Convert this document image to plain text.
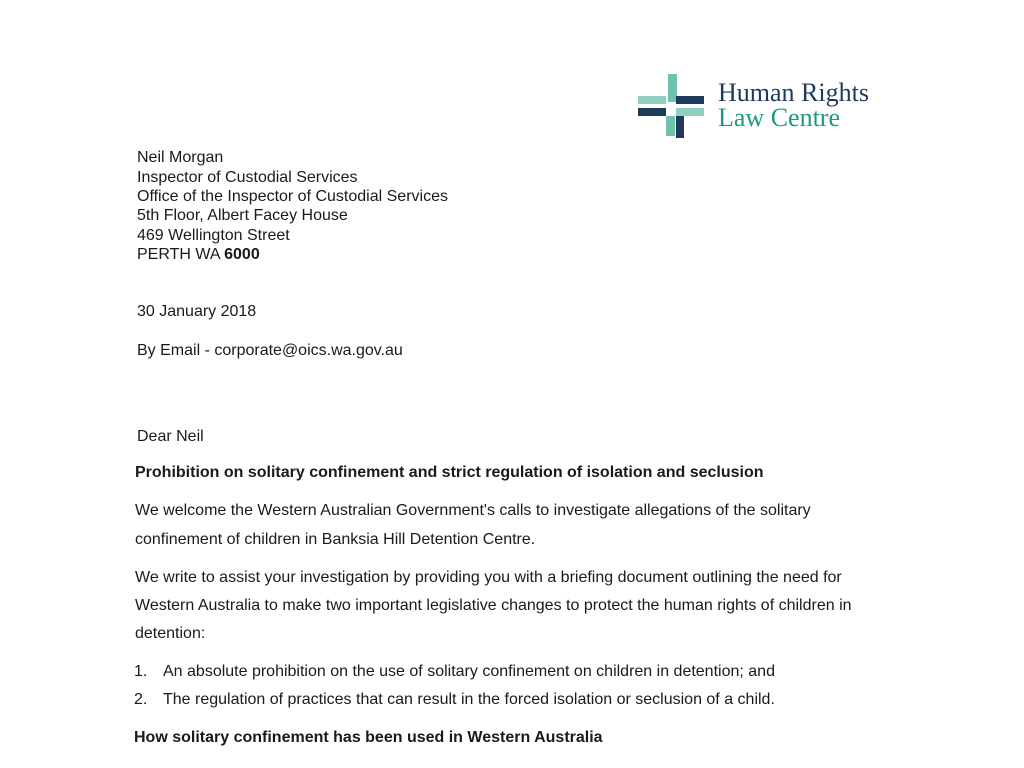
Human Rights
Law Centre
Neil Morgan
Inspector of Custodial Services
Office of the Inspector of Custodial Services
5th Floor, Albert Facey House
469 Wellington Street
PERTH WA 6000
30 January 2018
By Email - corporate@oics.wa.gov.au
Dear Neil
Prohibition on solitary confinement and strict regulation of isolation and seclusion
We welcome the Western Australian Government's calls to investigate allegations of the solitary
confinement of children in Banksia Hill Detention Centre.
We write to assist your investigation by providing you with a briefing document outlining the need for
Western Australia to make two important legislative changes to protect the human rights of children in
detention:
1. An absolute prohibition on the use of solitary confinement on children in detention; and
2. The regulation of practices that can result in the forced isolation or seclusion of a child.
How solitary confinement has been used in Western Australia
